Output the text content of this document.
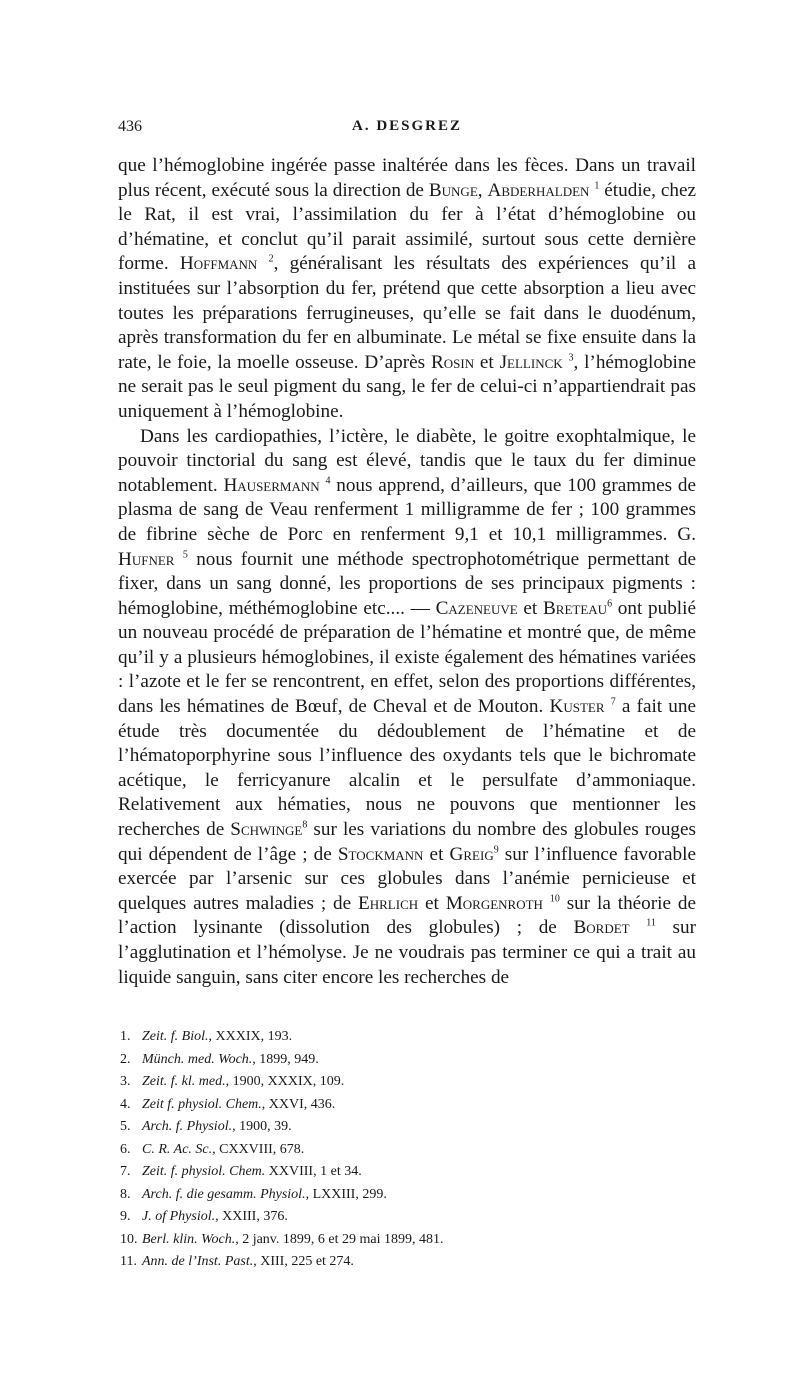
436	A. DESGREZ

que l’hémoglobine ingérée passe inaltérée dans les fèces. Dans un travail plus récent, exécuté sous la direction de Bunge, Abderhalden $^1$ étudie, chez le Rat, il est vrai, l’assimilation du fer à l’état d’hémoglobine ou d’hématine, et conclut qu’il parait assimilé, surtout sous cette dernière forme. Hoffmann $^2$, généralisant les résultats des expériences qu’il a instituées sur l’absorption du fer, prétend que cette absorption a lieu avec toutes les préparations ferrugineuses, qu’elle se fait dans le duodénum, après transformation du fer en albuminate. Le métal se fixe ensuite dans la rate, le foie, la moelle osseuse. D’après Rosin et Jellinck $^3$, l’hémoglobine ne serait pas le seul pigment du sang, le fer de celui-ci n’appartiendrait pas uniquement à l’hémoglobine.

Dans les cardiopathies, l’ictère, le diabète, le goitre exophtalmique, le pouvoir tinctorial du sang est élevé, tandis que le taux du fer diminue notablement. Hausermann $^4$ nous apprend, d’ailleurs, que 100 grammes de plasma de sang de Veau renferment 1 milligramme de fer ; 100 grammes de fibrine sèche de Porc en renferment 9,1 et 10,1 milligrammes. G. Hufner $^5$ nous fournit une méthode spectrophotométrique permettant de fixer, dans un sang donné, les proportions de ses principaux pigments : hémoglobine, méthémoglobine etc.... — Cazeneuve et Breteau$^6$ ont publié un nouveau procédé de préparation de l’hématine et montré que, de même qu’il y a plusieurs hémoglobines, il existe également des hématines variées : l’azote et le fer se rencontrent, en effet, selon des proportions différentes, dans les hématines de Bœuf, de Cheval et de Mouton. Kuster $^7$ a fait une étude très documentée du dédoublement de l’hématine et de l’hématoporphyrine sous l’influence des oxydants tels que le bichromate acétique, le ferricyanure alcalin et le persulfate d’ammoniaque. Relativement aux hématies, nous ne pouvons que mentionner les recherches de Schwinge$^8$ sur les variations du nombre des globules rouges qui dépendent de l’âge ; de Stockmann et Greig$^9$ sur l’influence favorable exercée par l’arsenic sur ces globules dans l’anémie pernicieuse et quelques autres maladies ; de Ehrlich et Morgenroth $^{10}$ sur la théorie de l’action lysinante (dissolution des globules) ; de Bordet $^{11}$ sur l’agglutination et l’hémolyse. Je ne voudrais pas terminer ce qui a trait au liquide sanguin, sans citer encore les recherches de

1. Zeit. f. Biol., XXXIX, 193.
2. Münch. med. Woch., 1899, 949.
3. Zeit. f. kl. med., 1900, XXXIX, 109.
4. Zeit f. physiol. Chem., XXVI, 436.
5. Arch. f. Physiol., 1900, 39.
6. C. R. Ac. Sc., CXXVIII, 678.
7. Zeit. f. physiol. Chem. XXVIII, 1 et 34.
8. Arch. f. die gesamm. Physiol., LXXIII, 299.
9. J. of Physiol., XXIII, 376.
10. Berl. klin. Woch., 2 janv. 1899, 6 et 29 mai 1899, 481.
11. Ann. de l’Inst. Past., XIII, 225 et 274.
